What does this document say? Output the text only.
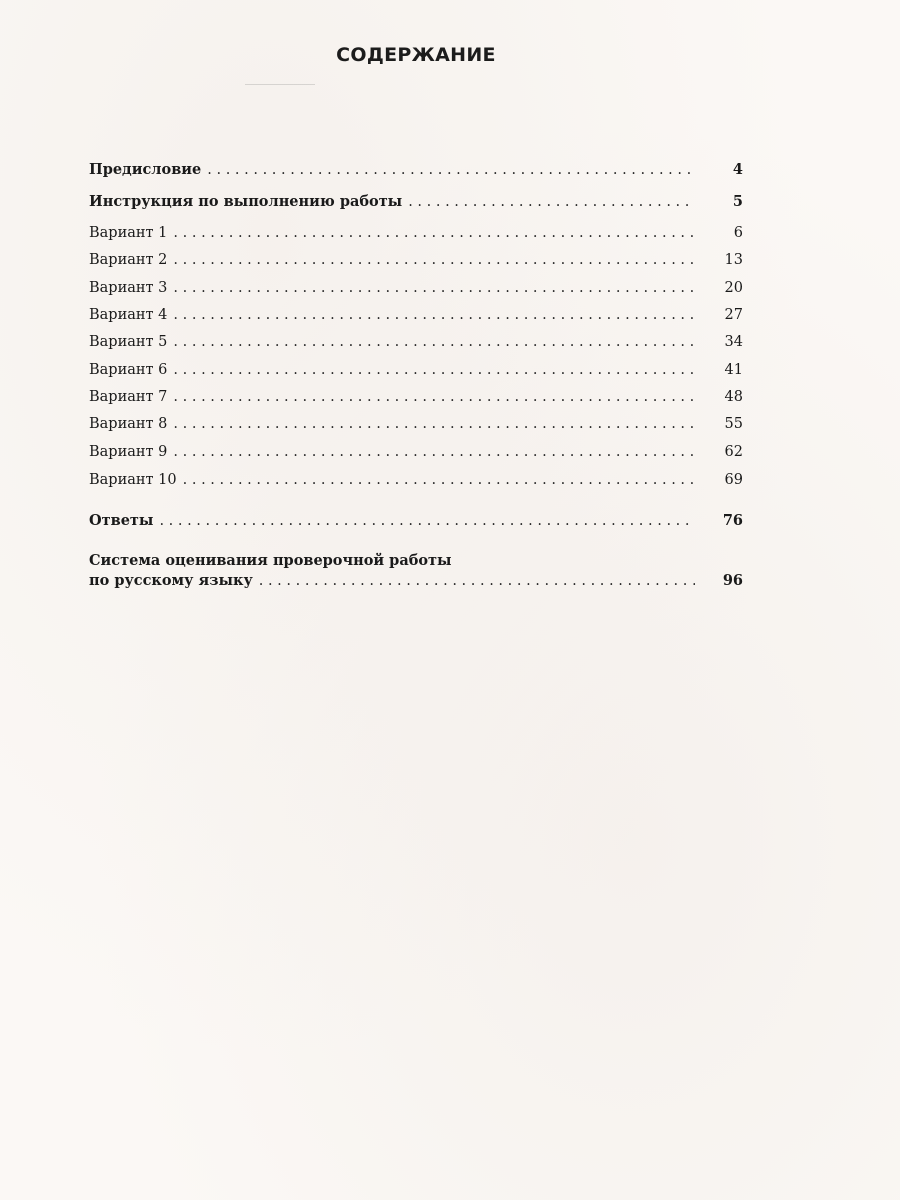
СОДЕРЖАНИЕ
Предисловие . . .	4
Инструкция по выполнению работы . . .	5
Вариант 1 . . .	6
Вариант 2 . . .	13
Вариант 3 . . .	20
Вариант 4 . . .	27
Вариант 5 . . .	34
Вариант 6 . . .	41
Вариант 7 . . .	48
Вариант 8 . . .	55
Вариант 9 . . .	62
Вариант 10 . . .	69
Ответы . . .	76
Система оценивания проверочной работы
по русскому языку . . .	96
